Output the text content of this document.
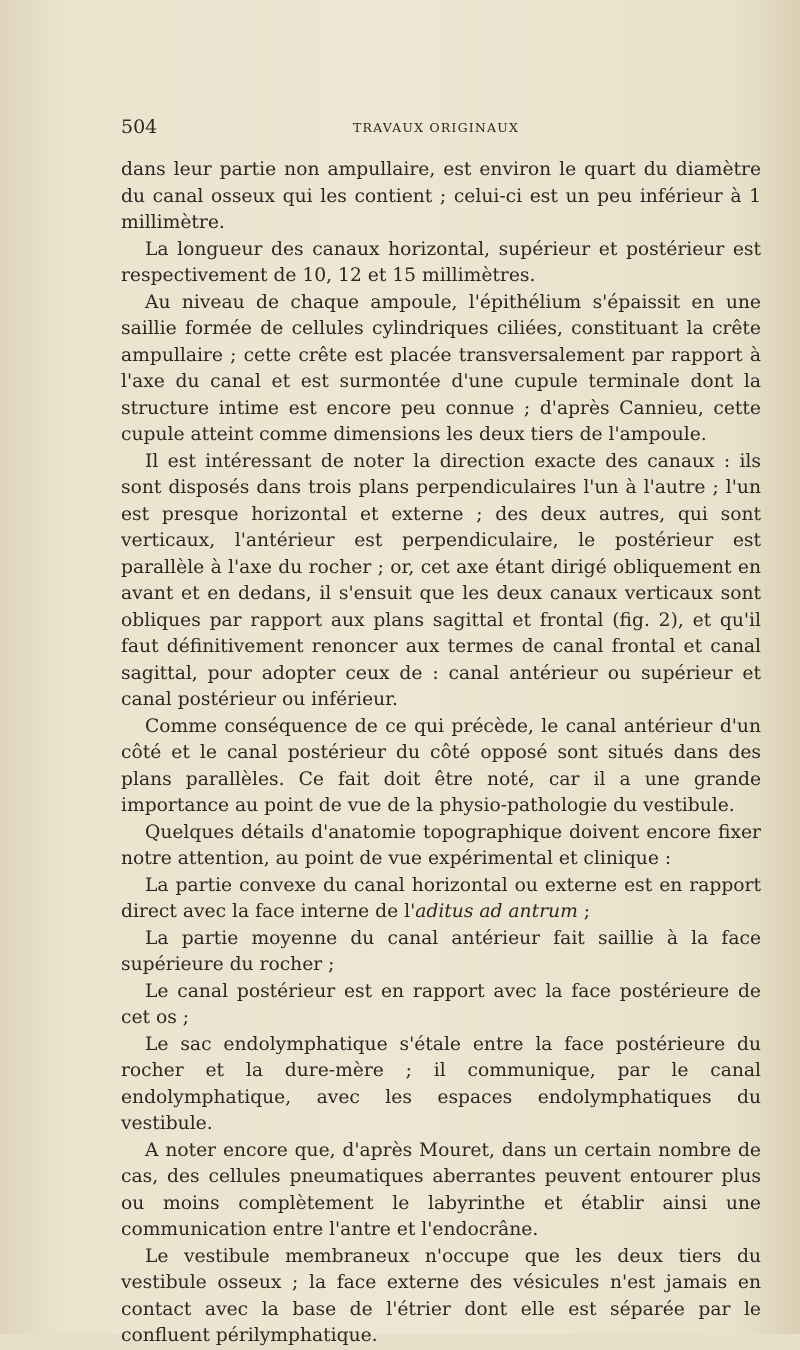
504	TRAVAUX ORIGINAUX

dans leur partie non ampullaire, est environ le quart du diamètre du canal osseux qui les contient ; celui-ci est un peu inférieur à 1 millimètre.

La longueur des canaux horizontal, supérieur et postérieur est respectivement de 10, 12 et 15 millimètres.

Au niveau de chaque ampoule, l'épithélium s'épaissit en une saillie formée de cellules cylindriques ciliées, constituant la crête ampullaire ; cette crête est placée transversalement par rapport à l'axe du canal et est surmontée d'une cupule terminale dont la structure intime est encore peu connue ; d'après Cannieu, cette cupule atteint comme dimensions les deux tiers de l'ampoule.

Il est intéressant de noter la direction exacte des canaux : ils sont disposés dans trois plans perpendiculaires l'un à l'autre ; l'un est presque horizontal et externe ; des deux autres, qui sont verticaux, l'antérieur est perpendiculaire, le postérieur est parallèle à l'axe du rocher ; or, cet axe étant dirigé obliquement en avant et en dedans, il s'ensuit que les deux canaux verticaux sont obliques par rapport aux plans sagittal et frontal (fig. 2), et qu'il faut définitivement renoncer aux termes de canal frontal et canal sagittal, pour adopter ceux de : canal antérieur ou supérieur et canal postérieur ou inférieur.

Comme conséquence de ce qui précède, le canal antérieur d'un côté et le canal postérieur du côté opposé sont situés dans des plans parallèles. Ce fait doit être noté, car il a une grande importance au point de vue de la physio-pathologie du vestibule.

Quelques détails d'anatomie topographique doivent encore fixer notre attention, au point de vue expérimental et clinique :

La partie convexe du canal horizontal ou externe est en rapport direct avec la face interne de l'aditus ad antrum ;

La partie moyenne du canal antérieur fait saillie à la face supérieure du rocher ;

Le canal postérieur est en rapport avec la face postérieure de cet os ;

Le sac endolymphatique s'étale entre la face postérieure du rocher et la dure-mère ; il communique, par le canal endolymphatique, avec les espaces endolymphatiques du vestibule.

A noter encore que, d'après Mouret, dans un certain nombre de cas, des cellules pneumatiques aberrantes peuvent entourer plus ou moins complètement le labyrinthe et établir ainsi une communication entre l'antre et l'endocrâne.

Le vestibule membraneux n'occupe que les deux tiers du vestibule osseux ; la face externe des vésicules n'est jamais en contact avec la base de l'étrier dont elle est séparée par le confluent périlymphatique.
